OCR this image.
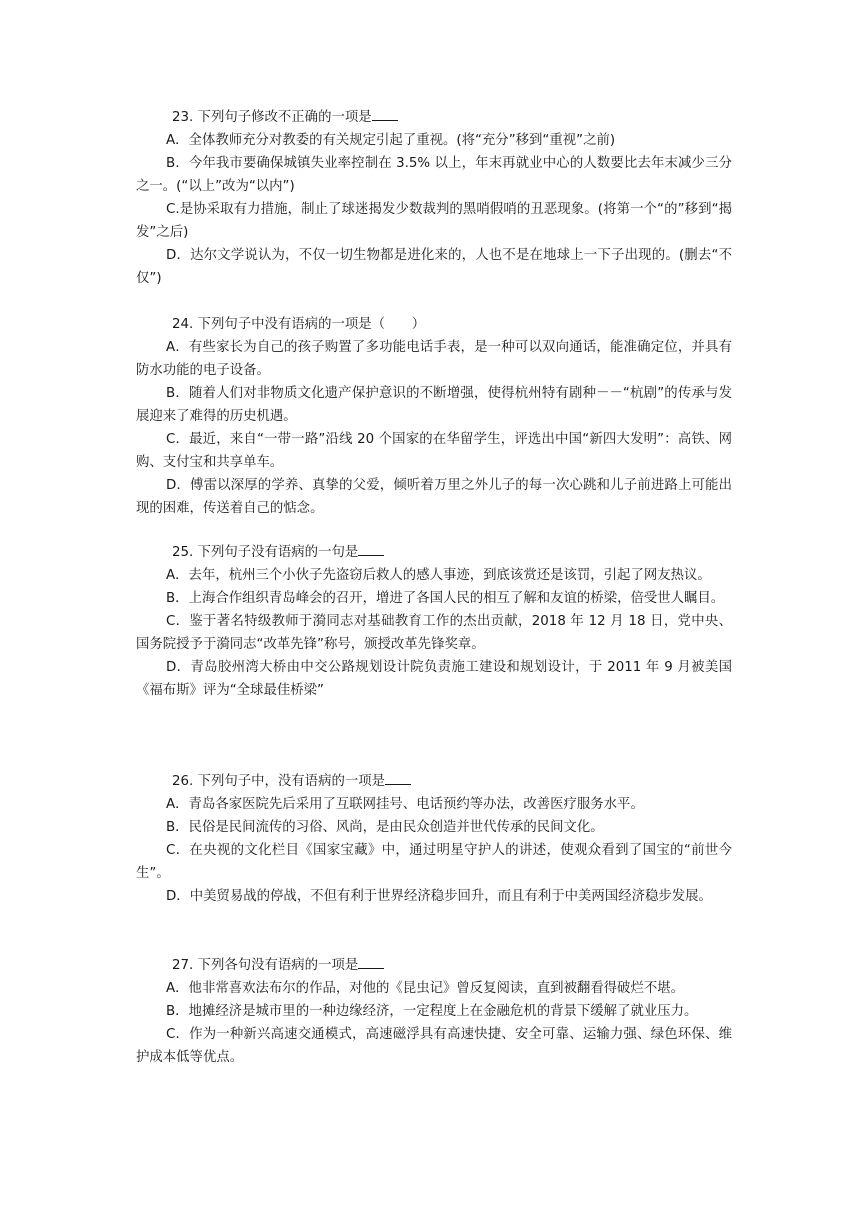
23. 下列句子修改不正确的一项是
A．全体教师充分对教委的有关规定引起了重视。(将“充分”移到“重视”之前)
B．今年我市要确保城镇失业率控制在 3.5% 以上，年末再就业中心的人数要比去年末减少三分之一。(“以上”改为“以内”)
C.是协采取有力措施，制止了球迷揭发少数裁判的黑哨假哨的丑恶现象。(将第一个“的”移到“揭发”之后)
D．达尔文学说认为，不仅一切生物都是进化来的，人也不是在地球上一下子出现的。(删去“不仅”)
24. 下列句子中没有语病的一项是（　　）
A．有些家长为自己的孩子购置了多功能电话手表，是一种可以双向通话，能准确定位，并具有防水功能的电子设备。
B．随着人们对非物质文化遗产保护意识的不断增强，使得杭州特有剧种－－“杭剧”的传承与发展迎来了难得的历史机遇。
C．最近，来自“一带一路”沿线 20 个国家的在华留学生，评选出中国“新四大发明”：高铁、网购、支付宝和共享单车。
D．傅雷以深厚的学养、真挚的父爱，倾听着万里之外儿子的每一次心跳和儿子前进路上可能出现的困难，传送着自己的惦念。
25. 下列句子没有语病的一句是
A．去年，杭州三个小伙子先盗窃后救人的感人事迹，到底该赏还是该罚，引起了网友热议。
B．上海合作组织青岛峰会的召开，增进了各国人民的相互了解和友谊的桥梁，倍受世人瞩目。
C．鉴于著名特级教师于漪同志对基础教育工作的杰出贡献，2018 年 12 月 18 日，党中央、国务院授予于漪同志“改革先锋”称号，颁授改革先锋奖章。
D．青岛胶州湾大桥由中交公路规划设计院负责施工建设和规划设计，于 2011 年 9 月被美国《福布斯》评为“全球最佳桥梁”
26. 下列句子中，没有语病的一项是
A．青岛各家医院先后采用了互联网挂号、电话预约等办法，改善医疗服务水平。
B．民俗是民间流传的习俗、风尚，是由民众创造并世代传承的民间文化。
C．在央视的文化栏目《国家宝藏》中，通过明星守护人的讲述，使观众看到了国宝的“前世今生”。
D．中美贸易战的停战，不但有利于世界经济稳步回升，而且有利于中美两国经济稳步发展。
27. 下列各句没有语病的一项是
A．他非常喜欢法布尔的作品，对他的《昆虫记》曾反复阅读，直到被翻看得破烂不堪。
B．地摊经济是城市里的一种边缘经济，一定程度上在金融危机的背景下缓解了就业压力。
C．作为一种新兴高速交通模式，高速磁浮具有高速快捷、安全可靠、运输力强、绿色环保、维护成本低等优点。
